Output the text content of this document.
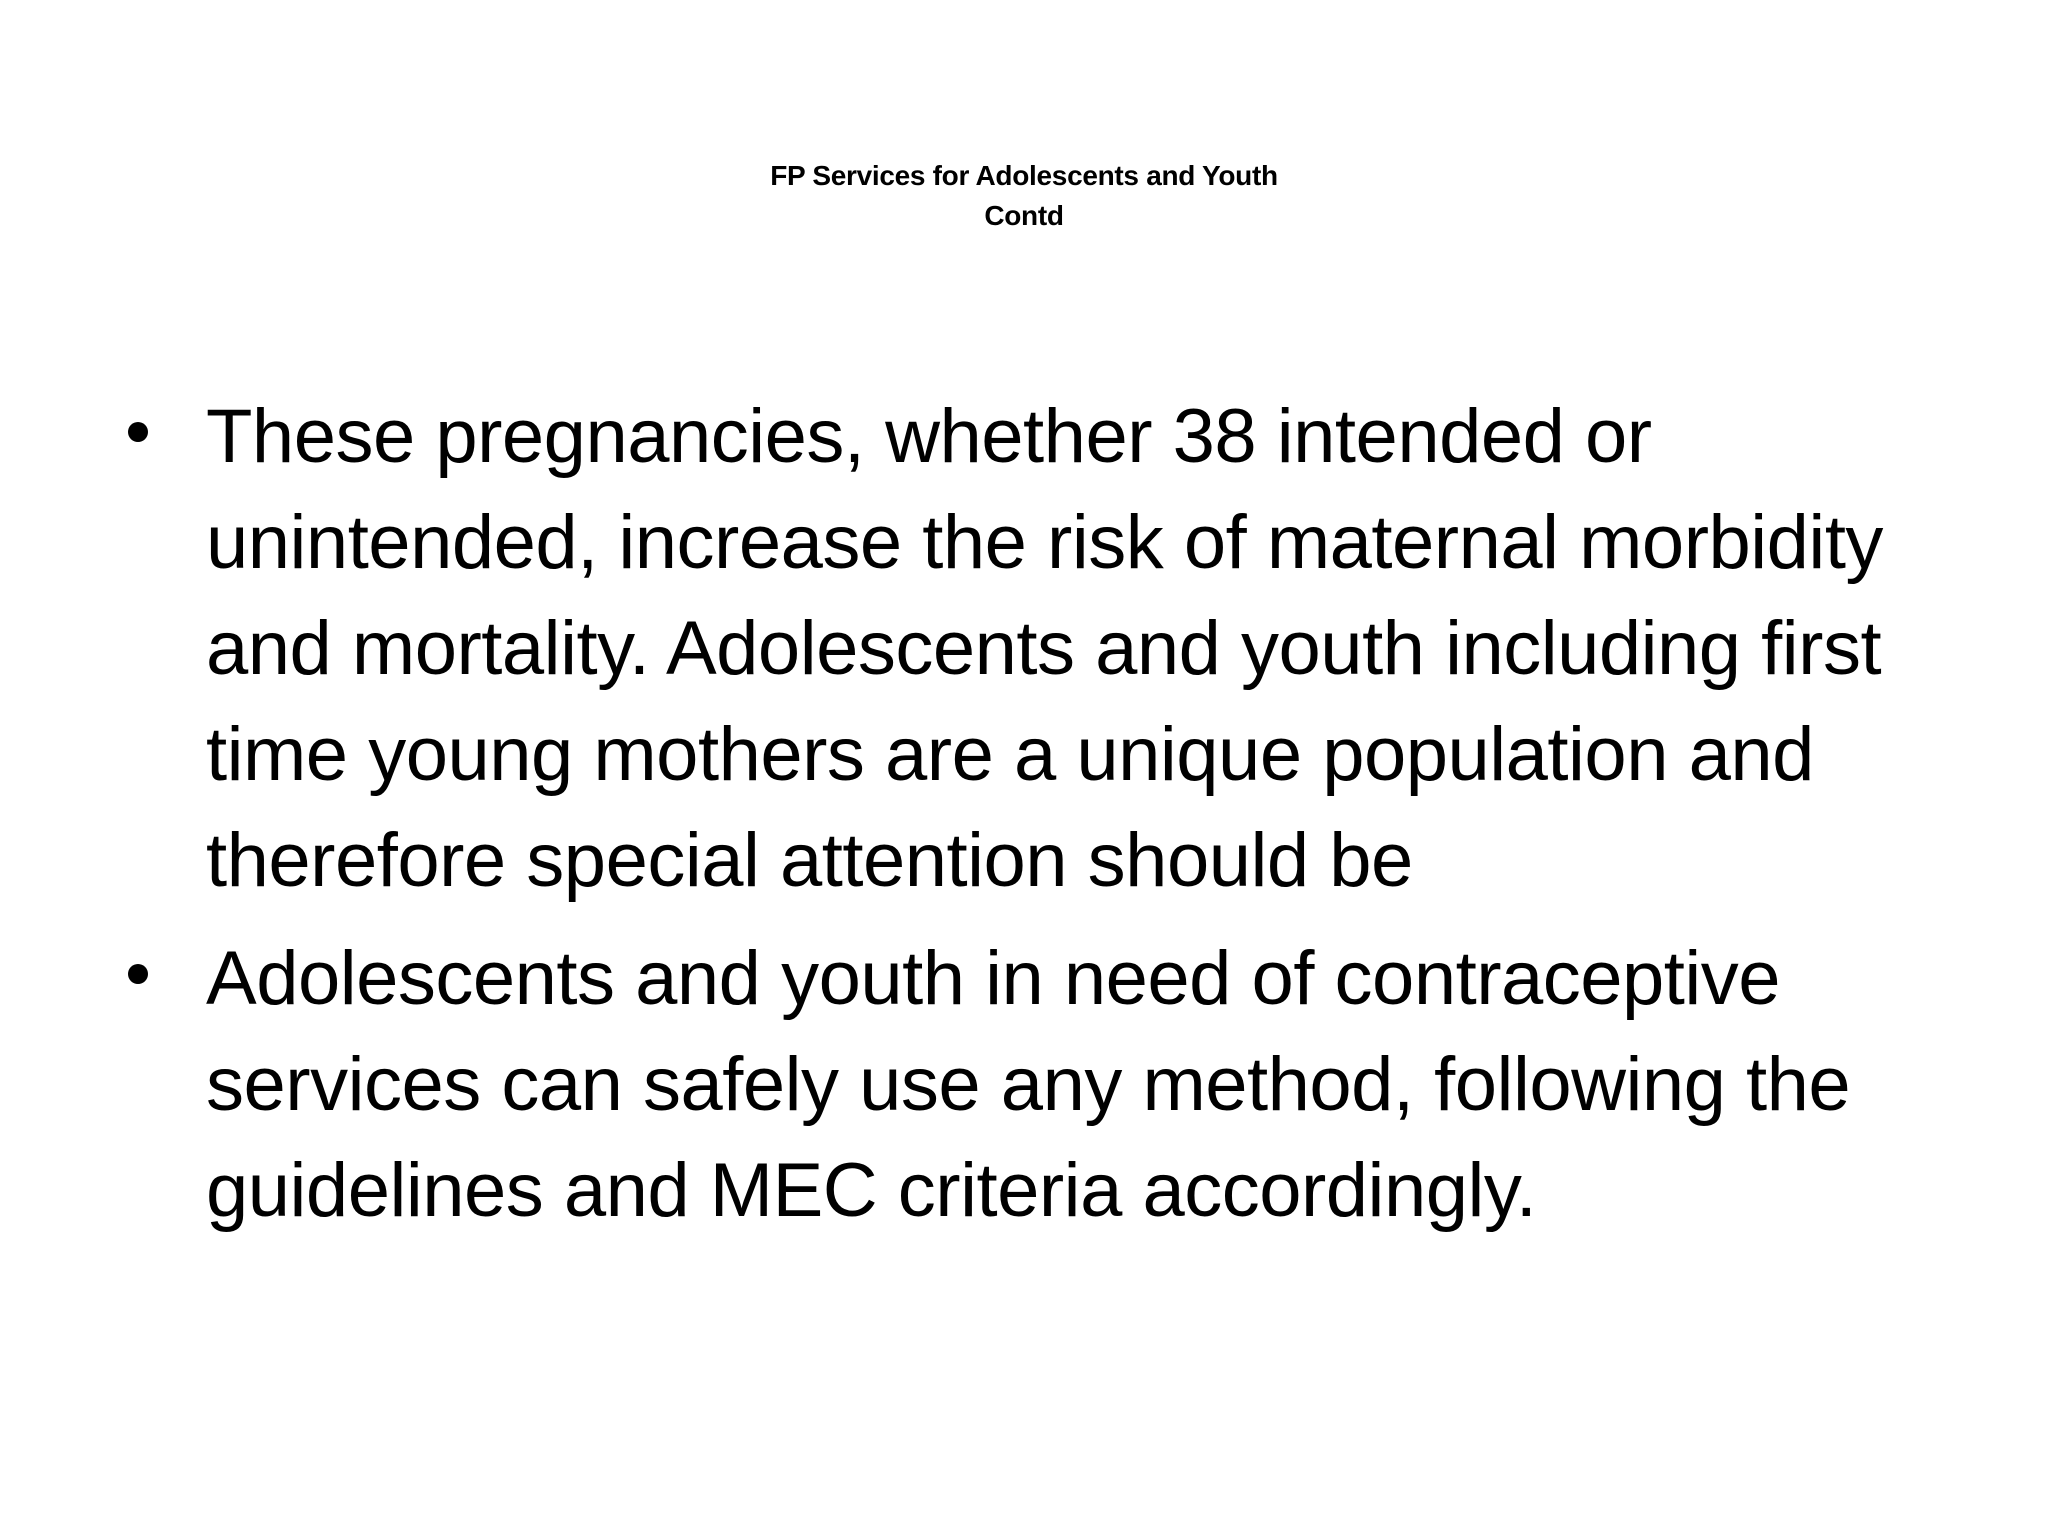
FP Services for Adolescents and Youth
Contd
These pregnancies, whether 38 intended or unintended, increase the risk of maternal morbidity and mortality. Adolescents and youth including first time young mothers are a unique population and therefore special attention should be
Adolescents and youth in need of contraceptive services can safely use any method, following the guidelines and MEC criteria accordingly.
